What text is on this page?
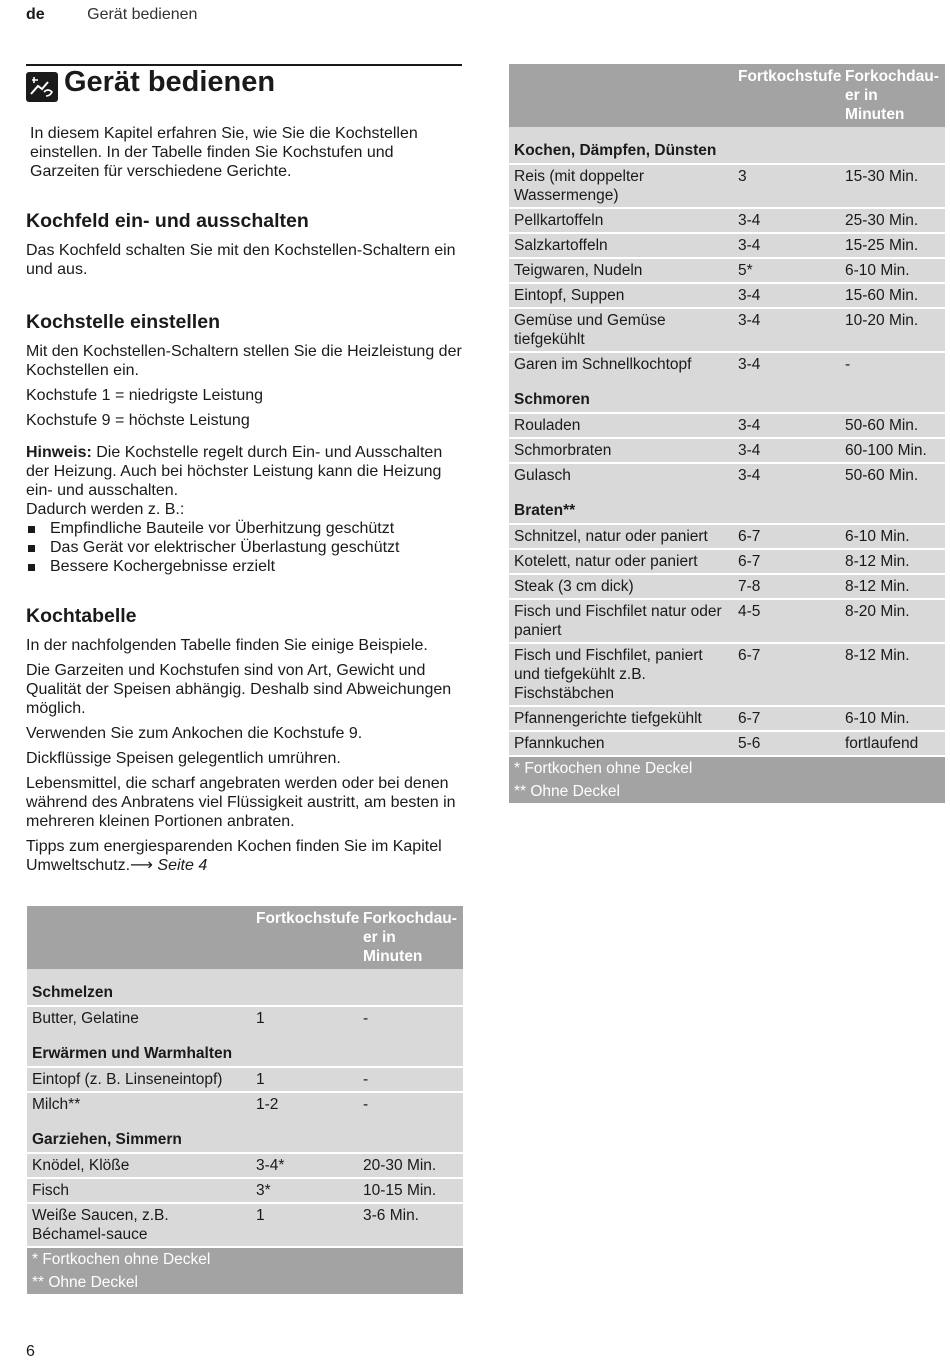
de	Gerät bedienen
Gerät bedienen

In diesem Kapitel erfahren Sie, wie Sie die Kochstellen einstellen. In der Tabelle finden Sie Kochstufen und Garzeiten für verschiedene Gerichte.

Kochfeld ein- und ausschalten

Das Kochfeld schalten Sie mit den Kochstellen-Schaltern ein und aus.

Kochstelle einstellen

Mit den Kochstellen-Schaltern stellen Sie die Heizleistung der Kochstellen ein.

Kochstufe 1 = niedrigste Leistung

Kochstufe 9 = höchste Leistung

Hinweis: Die Kochstelle regelt durch Ein- und Ausschalten der Heizung. Auch bei höchster Leistung kann die Heizung ein- und ausschalten.

Dadurch werden z. B.:

Empfindliche Bauteile vor Überhitzung geschützt
Das Gerät vor elektrischer Überlastung geschützt
Bessere Kochergebnisse erzielt
Kochtabelle

In der nachfolgenden Tabelle finden Sie einige Beispiele.

Die Garzeiten und Kochstufen sind von Art, Gewicht und Qualität der Speisen abhängig. Deshalb sind Abweichungen möglich.

Verwenden Sie zum Ankochen die Kochstufe 9.

Dickflüssige Speisen gelegentlich umrühren.

Lebensmittel, die scharf angebraten werden oder bei denen während des Anbratens viel Flüssigkeit austritt, am besten in mehreren kleinen Portionen anbraten.

Tipps zum energiesparenden Kochen finden Sie im Kapitel Umweltschutz.⟶ Seite 4

	Fortkochstufe	Forkochdau-er in Minuten
Schmelzen		
Butter, Gelatine	1	-
Erwärmen und Warmhalten		
Eintopf (z. B. Linseneintopf)	1	-
Milch**	1-2	-
Garziehen, Simmern		
Knödel, Klöße	3-4*	20-30 Min.
Fisch	3*	10-15 Min.
Weiße Saucen, z.B. Béchamel-sauce	1	3-6 Min.
* Fortkochen ohne Deckel		
** Ohne Deckel		
	Fortkochstufe	Forkochdau-er in Minuten
Kochen, Dämpfen, Dünsten		
Reis (mit doppelter Wassermenge)	3	15-30 Min.
Pellkartoffeln	3-4	25-30 Min.
Salzkartoffeln	3-4	15-25 Min.
Teigwaren, Nudeln	5*	6-10 Min.
Eintopf, Suppen	3-4	15-60 Min.
Gemüse und Gemüse tiefgekühlt	3-4	10-20 Min.
Garen im Schnellkochtopf	3-4	-
Schmoren		
Rouladen	3-4	50-60 Min.
Schmorbraten	3-4	60-100 Min.
Gulasch	3-4	50-60 Min.
Braten**		
Schnitzel, natur oder paniert	6-7	6-10 Min.
Kotelett, natur oder paniert	6-7	8-12 Min.
Steak (3 cm dick)	7-8	8-12 Min.
Fisch und Fischfilet natur oder paniert	4-5	8-20 Min.
Fisch und Fischfilet, paniert und tiefgekühlt z.B. Fischstäbchen	6-7	8-12 Min.
Pfannengerichte tiefgekühlt	6-7	6-10 Min.
Pfannkuchen	5-6	fortlaufend
* Fortkochen ohne Deckel		
** Ohne Deckel		
6
